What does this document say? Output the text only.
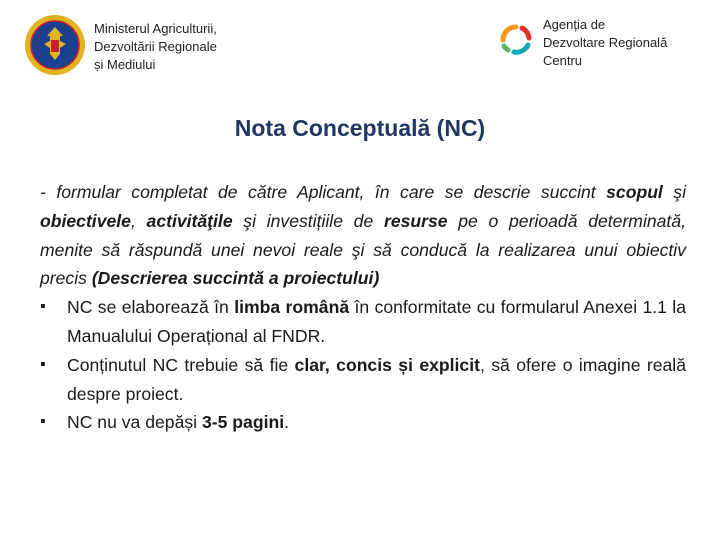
Ministerul Agriculturii,
Dezvoltării Regionale
și Mediului
Agenția de
Dezvoltare Regională
Centru
Nota Conceptuală (NC)
- formular completat de către Aplicant, în care se descrie succint scopul şi obiectivele, activităţile şi investițiile de resurse pe o perioadă determinată, menite să răspundă unei nevoi reale şi să conducă la realizarea unui obiectiv precis (Descrierea succintă a proiectului)
▪ NC se elaborează în limba română în conformitate cu formularul Anexei 1.1 la Manualului Operațional al FNDR.
▪ Conținutul NC trebuie să fie clar, concis și explicit, să ofere o imagine reală despre proiect.
▪ NC nu va depăși 3-5 pagini.
